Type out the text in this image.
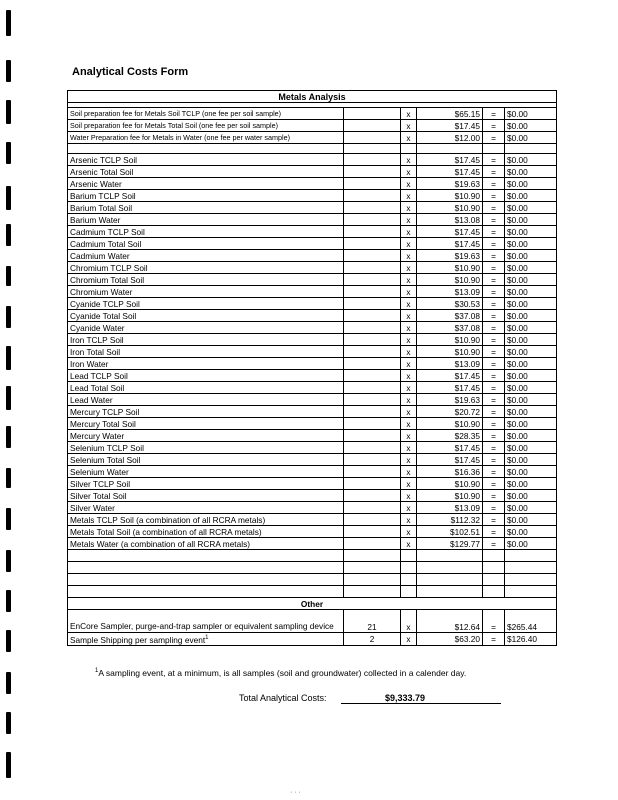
Analytical Costs Form
Metals Analysis					

Soil preparation fee for Metals Soil TCLP (one fee per soil sample)		x	$65.15	=	$0.00
Soil preparation fee for Metals Total Soil (one fee per soil sample)		x	$17.45	=	$0.00
Water Preparation fee for Metals in Water (one fee per water sample)		x	$12.00	=	$0.00

Arsenic TCLP Soil		x	$17.45	=	$0.00
Arsenic Total Soil		x	$17.45	=	$0.00
Arsenic Water		x	$19.63	=	$0.00
Barium TCLP Soil		x	$10.90	=	$0.00
Barium Total Soil		x	$10.90	=	$0.00
Barium Water		x	$13.08	=	$0.00
Cadmium TCLP Soil		x	$17.45	=	$0.00
Cadmium Total Soil		x	$17.45	=	$0.00
Cadmium Water		x	$19.63	=	$0.00
Chromium TCLP Soil		x	$10.90	=	$0.00
Chromium Total Soil		x	$10.90	=	$0.00
Chromium Water		x	$13.09	=	$0.00
Cyanide TCLP Soil		x	$30.53	=	$0.00
Cyanide Total Soil		x	$37.08	=	$0.00
Cyanide Water		x	$37.08	=	$0.00
Iron TCLP Soil		x	$10.90	=	$0.00
Iron Total Soil		x	$10.90	=	$0.00
Iron Water		x	$13.09	=	$0.00
Lead TCLP Soil		x	$17.45	=	$0.00
Lead Total Soil		x	$17.45	=	$0.00
Lead Water		x	$19.63	=	$0.00
Mercury TCLP Soil		x	$20.72	=	$0.00
Mercury Total Soil		x	$10.90	=	$0.00
Mercury Water		x	$28.35	=	$0.00
Selenium TCLP Soil		x	$17.45	=	$0.00
Selenium Total Soil		x	$17.45	=	$0.00
Selenium Water		x	$16.36	=	$0.00
Silver TCLP Soil		x	$10.90	=	$0.00
Silver Total Soil		x	$10.90	=	$0.00
Silver Water		x	$13.09	=	$0.00
Metals TCLP Soil (a combination of all RCRA metals)		x	$112.32	=	$0.00
Metals Total Soil (a combination of all RCRA metals)		x	$102.51	=	$0.00
Metals Water (a combination of all RCRA metals)		x	$129.77	=	$0.00

Other					
EnCore Sampler, purge-and-trap sampler or equivalent sampling device	21	x	$12.64	=	$265.44
Sample Shipping per sampling event$^1$	2	x	$63.20	=	$126.40
$^1$A sampling event, at a minimum, is all samples (soil and groundwater) collected in a calender day.
Total Analytical Costs:	$9,333.79
· · ·
